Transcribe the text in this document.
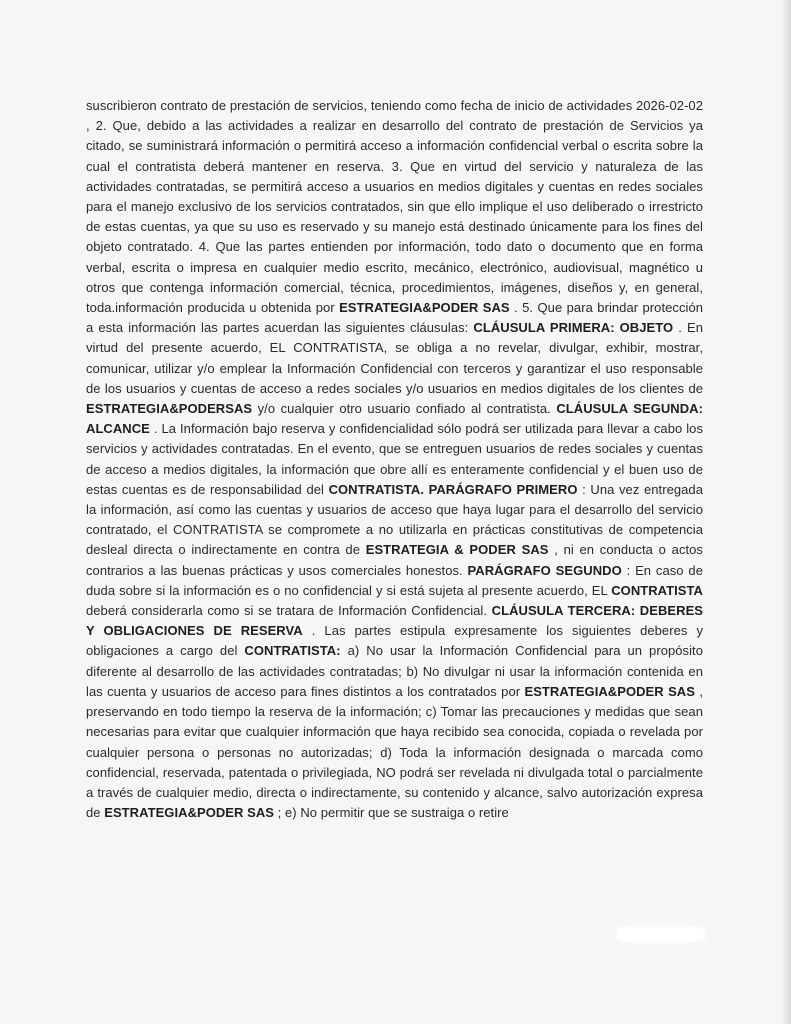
suscribieron contrato de prestación de servicios, teniendo como fecha de inicio de actividades 2026-02-02 , 2. Que, debido a las actividades a realizar en desarrollo del contrato de prestación de Servicios ya citado, se suministrará información o permitirá acceso a información confidencial verbal o escrita sobre la cual el contratista deberá mantener en reserva. 3. Que en virtud del servicio y naturaleza de las actividades contratadas, se permitirá acceso a usuarios en medios digitales y cuentas en redes sociales para el manejo exclusivo de los servicios contratados, sin que ello implique el uso deliberado o irrestricto de estas cuentas, ya que su uso es reservado y su manejo está destinado únicamente para los fines del objeto contratado. 4. Que las partes entienden por información, todo dato o documento que en forma verbal, escrita o impresa en cualquier medio escrito, mecánico, electrónico, audiovisual, magnético u otros que contenga información comercial, técnica, procedimientos, imágenes, diseños y, en general, toda.información producida u obtenida por ESTRATEGIA&PODER SAS . 5. Que para brindar protección a esta información las partes acuerdan las siguientes cláusulas: CLÁUSULA PRIMERA: OBJETO . En virtud del presente acuerdo, EL CONTRATISTA, se obliga a no revelar, divulgar, exhibir, mostrar, comunicar, utilizar y/o emplear la Información Confidencial con terceros y garantizar el uso responsable de los usuarios y cuentas de acceso a redes sociales y/o usuarios en medios digitales de los clientes de ESTRATEGIA&PODERSAS y/o cualquier otro usuario confiado al contratista. CLÁUSULA SEGUNDA: ALCANCE . La Información bajo reserva y confidencialidad sólo podrá ser utilizada para llevar a cabo los servicios y actividades contratadas. En el evento, que se entreguen usuarios de redes sociales y cuentas de acceso a medios digitales, la información que obre allí es enteramente confidencial y el buen uso de estas cuentas es de responsabilidad del CONTRATISTA. PARÁGRAFO PRIMERO : Una vez entregada la información, así como las cuentas y usuarios de acceso que haya lugar para el desarrollo del servicio contratado, el CONTRATISTA se compromete a no utilizarla en prácticas constitutivas de competencia desleal directa o indirectamente en contra de ESTRATEGIA & PODER SAS , ni en conducta o actos contrarios a las buenas prácticas y usos comerciales honestos. PARÁGRAFO SEGUNDO : En caso de duda sobre si la información es o no confidencial y si está sujeta al presente acuerdo, EL CONTRATISTA deberá considerarla como si se tratara de Información Confidencial. CLÁUSULA TERCERA: DEBERES Y OBLIGACIONES DE RESERVA . Las partes estipula expresamente los siguientes deberes y obligaciones a cargo del CONTRATISTA: a) No usar la Información Confidencial para un propósito diferente al desarrollo de las actividades contratadas; b) No divulgar ni usar la información contenida en las cuenta y usuarios de acceso para fines distintos a los contratados por ESTRATEGIA&PODER SAS , preservando en todo tiempo la reserva de la información; c) Tomar las precauciones y medidas que sean necesarias para evitar que cualquier información que haya recibido sea conocida, copiada o revelada por cualquier persona o personas no autorizadas; d) Toda la información designada o marcada como confidencial, reservada, patentada o privilegiada, NO podrá ser revelada ni divulgada total o parcialmente a través de cualquier medio, directa o indirectamente, su contenido y alcance, salvo autorización expresa de ESTRATEGIA&PODER SAS ; e) No permitir que se sustraiga o retire
